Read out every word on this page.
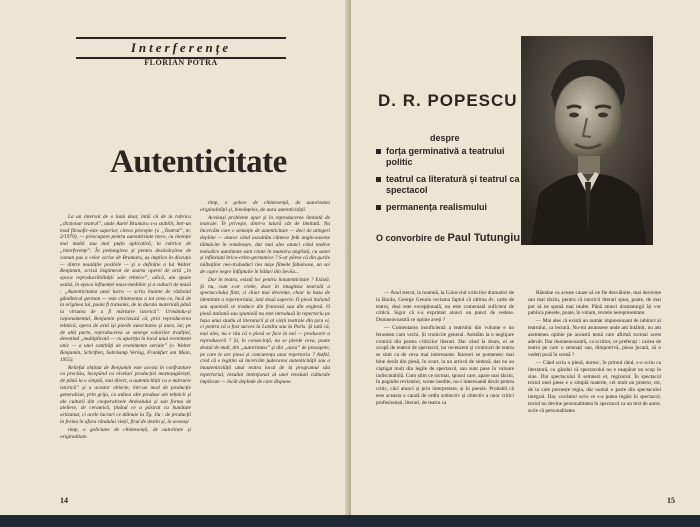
Interferențe
FLORIAN POTRA
Autenticitate

La un interval de o lună doar, întâi că de la rubrica „dicționar teatral”, unde Aurel Brumaru s-a stabilit, într-un mod filosofic-este superior, citeva precepte (v. „Teatrul”, nr. 2/1970), — preocupare pentru autenticitate trece, cu intenție mai multă sau mai puțin aplicativă, la rubrica de „interferențe”. În prelungirea și pentru desăvârșirea de comun pas a celor scrise de Brumaru, aș implica în discuție — dintre noutățile posibile — și o definiție a lui Walter Benjamin, scrisă înspinerat de soarta operei de artă „în epoca reproductibilității sale tehnice”, adică, am spune astăzi, în epoca influenței mass-mediilor și a culturii de masă : „Autenticitatea unui lucru — scria înainte de războiul gânditorul german — este chintesența a tot ceea ce, încă de la originea lui, poate fi transmis, de la durata materială până la virtutea de a fi mărturie istorică”. Urmându-și raționamentul, Benjamin precizează că, prin reproducerea tehnică, opera de artă își pierde autoritatea și aura, iar, pe de altă parte, reproducerea se smerge valorilor tradiției, devenind „multiplicată — cu apariția în locul unui eveniment unic — a unei cantități de evenimente seriale” (v. Walter Benjamin, Schriften, Suhrkamp Verlag, Frankfurt am Main, 1955).

Relieful obținut de Benjamin este acesta în confruntare cu precizia, începând cu niveluri producției meșteșugărești, de până la o simplă, mai direct, a autenticității ca o mărturie istorică” și a acestor obiecte, într-un mod de producție generalizat, prin grija, ca atâtea alte produse ale tehnicii și ale culturii din cooperativele Ardealului și sub forma de ateliere, de ceramică, ținând ce a păstrat cu bunătate artizanat, ci acele lucruri ce dăinuie la Tg. Jiu : de producții în forma în afara rândului vieții, firul de destin și, în aceeași

timp, o goliciune de chintesență, de autoritate și originalitate.

timp, o golesc de chintesență, de autoritatea originalității și, bineînțeles, de aura autenticității.

Aceleași probleme apar și în reproducerea limitată de teatrale. Te privește, dintr-o latură cât de limitată. Nu încercăm care e senzație de autenticitate — deci de atingeri depline — atunci când ascultăm cântece folk anglo-saxone tălmăcite în românește, dar mai ales atunci când motive melodice autohtone sunt citate în maniera anglistă, cu sunet și inflexiuni brico-celto-germanice ? S-ar părea că din gurile nălbaților neo-trubaduri iies mișe filmele fabuloase, un soi de capre negre înfăptuite în băluri din Seviia...

Dar în teatru, există loc pentru inautenticitate ? Există. Și nu, cum s-ar crede, doar în imaginea teatrală a spectacolului finit, ci chiar mai devreme, chiar la baza de identitate a repertoriului, iată două aspecte. O piesă italiană sau spaniolă se traduce din franceză sau din engleză. O piesă italiană sau spaniolă nu este introdusă în repertoriu pe baza unui studiu al literaturii și al vieții teatrale din țara ei, ci pentru că a fost succes la Londra sau la Paris. Și iată că, mai ales, nu e rău că o piesă se face la noi — producere a reproducerii ? Și, în consecință, nu se pierde ceva, poate destul de mult, din „autoritatea” și din „aura” de proaspete, pe care le are piesa și concurența unui repertoriu ? Astfel, cred că e legitim să încercăm judecarea autenticității sau a inautenticității unui teatru local de la programul său repertorial, rezultat intenționat al unei tensiuni culturale implicate — încât depinde de care dispune.

14	15
D. R. POPESCU
despre
forța germinativă a teatrului politic
teatrul ca literatură și teatrul ca spectacol
permanența realismului
O convorbire de Paul Tutungiu

— Anul trecut, la toamnă, la Colocviul criticilor dramatici de la Bacău, George Genoiu reclama faptul că ultima dv. carte de teatru, deși este excepțională, nu este comentată suficient de critică. Sigur că s-a exprimat atunci un punct de vedere. Dumneavoastră ce opinie aveți ?

— Comentarea insuficientă a teatrului din volume e un fenomen cam vechi. Și cronicile general. Asistăm la o neglijare cronică din partea criticilor literari. Dar când la drum, ei se ocupă de teatrul de spectacol, iar recenzent și cronicari de teatru se simt ca de ceva mai interesante. Rareori se pomenesc mai bine decât din piesă, în scurt, la un articol de sinteză, dar nu au câștigat mult din legile de spectacol, sau sunt puse în valoare indiscutabilă. Cum știm ce tocmai, spusul care, apare mai târziu, în paginile revistelor, scene inedite, nu-i interesantă decât pentru critic, căci atunci și prin interpretare, și în poezie. Probabil că este aceasta o cauză de ordin subiectiv și obiectiv a unor critici profesioniști, literari, de teatru ca

Rămâne ca aceste cauze să ne fie dezvăluite, mai devreme sau mai târziu, pentru că istoricii literari spun, poate, de mai pot să ne spună mai multe. Până atunci dramaturgii își vor publica piesele, poate, în volum, textele nerepresentate.

— Mai ales că există un număr impresionant de iubitori ai teatrului, ca lectură. Nu-mi asumsese unde am întâlnit, nu am asemenea opinie pe această temă care afirmă tocmai acest adevăr. Dar dumneavoastră, ca scriitor, ce preferați : cartea de teatru pe care o semnați sau, dimpotrivă, piesa jucată, să o vedeți pusă în scenă ?

— Când scriu o piesă, doresc, în primul rând, s-o scriu ca literatură, cu gândul că spectacolul nu e neapărat un scop în sine. Dar spectacolul îl semnezi el, regizorul. În spectacol textul unei piese e o simplă materie, cel mult un pretext, tot, de la care pornește regia, dar numai o parte din spectacolul integral. Dar, cuvântul scris ce s-a putea regăsi în spectacol, textul nu devine personalitatea în spectacol ca un text de autor, scrie că personalitatea
